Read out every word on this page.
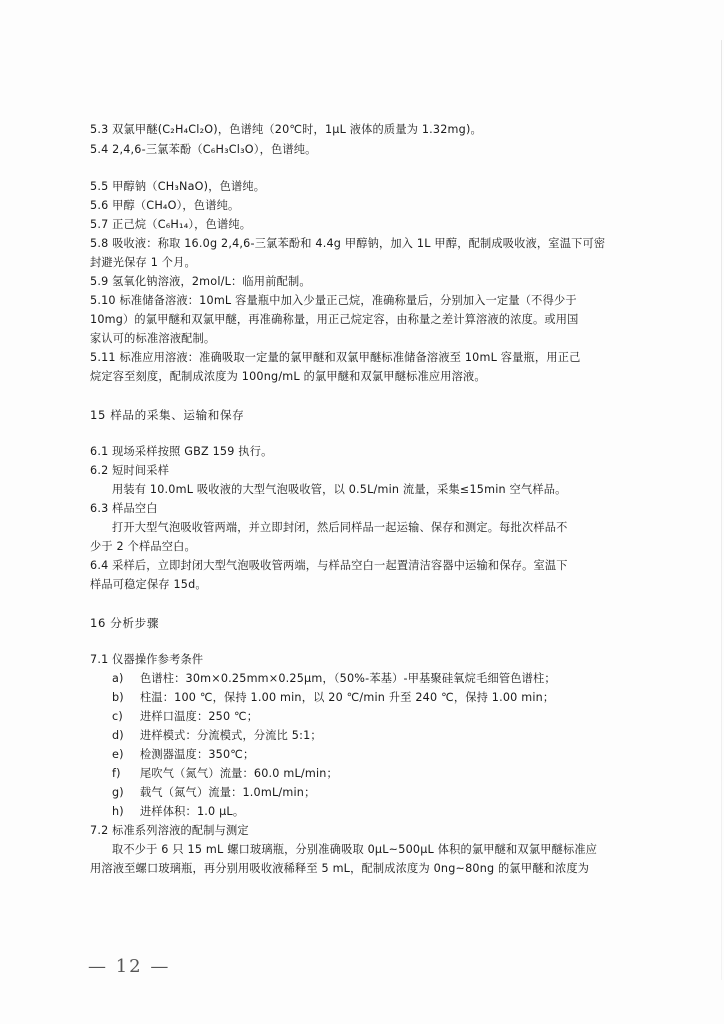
5.3 双氯甲醚(C₂H₄Cl₂O)，色谱纯（20℃时，1μL 液体的质量为 1.32mg)。
5.4 2,4,6-三氯苯酚（C₆H₃Cl₃O），色谱纯。
5.5 甲醇钠（CH₃NaO)，色谱纯。
5.6 甲醇（CH₄O），色谱纯。
5.7 正己烷（C₆H₁₄），色谱纯。
5.8 吸收液：称取 16.0g 2,4,6-三氯苯酚和 4.4g 甲醇钠，加入 1L 甲醇，配制成吸收液，室温下可密
封避光保存 1 个月。
5.9 氢氧化钠溶液，2mol/L：临用前配制。
5.10 标准储备溶液：10mL 容量瓶中加入少量正己烷，准确称量后，分别加入一定量（不得少于
10mg）的氯甲醚和双氯甲醚，再准确称量，用正己烷定容，由称量之差计算溶液的浓度。或用国
家认可的标准溶液配制。
5.11 标准应用溶液：准确吸取一定量的氯甲醚和双氯甲醚标准储备溶液至 10mL 容量瓶，用正己
烷定容至刻度，配制成浓度为 100ng/mL 的氯甲醚和双氯甲醚标准应用溶液。
15 样品的采集、运输和保存
6.1 现场采样按照 GBZ 159 执行。
6.2 短时间采样
用装有 10.0mL 吸收液的大型气泡吸收管，以 0.5L/min 流量，采集≤15min 空气样品。
6.3 样品空白
打开大型气泡吸收管两端，并立即封闭，然后同样品一起运输、保存和测定。每批次样品不
少于 2 个样品空白。
6.4 采样后，立即封闭大型气泡吸收管两端，与样品空白一起置清洁容器中运输和保存。室温下
样品可稳定保存 15d。
16 分析步骤
7.1 仪器操作参考条件
a) 色谱柱：30m×0.25mm×0.25μm，（50%-苯基）-甲基聚硅氧烷毛细管色谱柱；
b) 柱温：100 ℃，保持 1.00 min，以 20 ℃/min 升至 240 ℃，保持 1.00 min；
c) 进样口温度：250 ℃；
d) 进样模式：分流模式，分流比 5:1；
e) 检测器温度：350℃；
f) 尾吹气（氮气）流量：60.0 mL/min；
g) 载气（氮气）流量：1.0mL/min；
h) 进样体积：1.0 μL。
7.2 标准系列溶液的配制与测定
取不少于 6 只 15 mL 螺口玻璃瓶，分别准确吸取 0μL~500μL 体积的氯甲醚和双氯甲醚标准应
用溶液至螺口玻璃瓶，再分别用吸收液稀释至 5 mL，配制成浓度为 0ng~80ng 的氯甲醚和浓度为
— 12 —
